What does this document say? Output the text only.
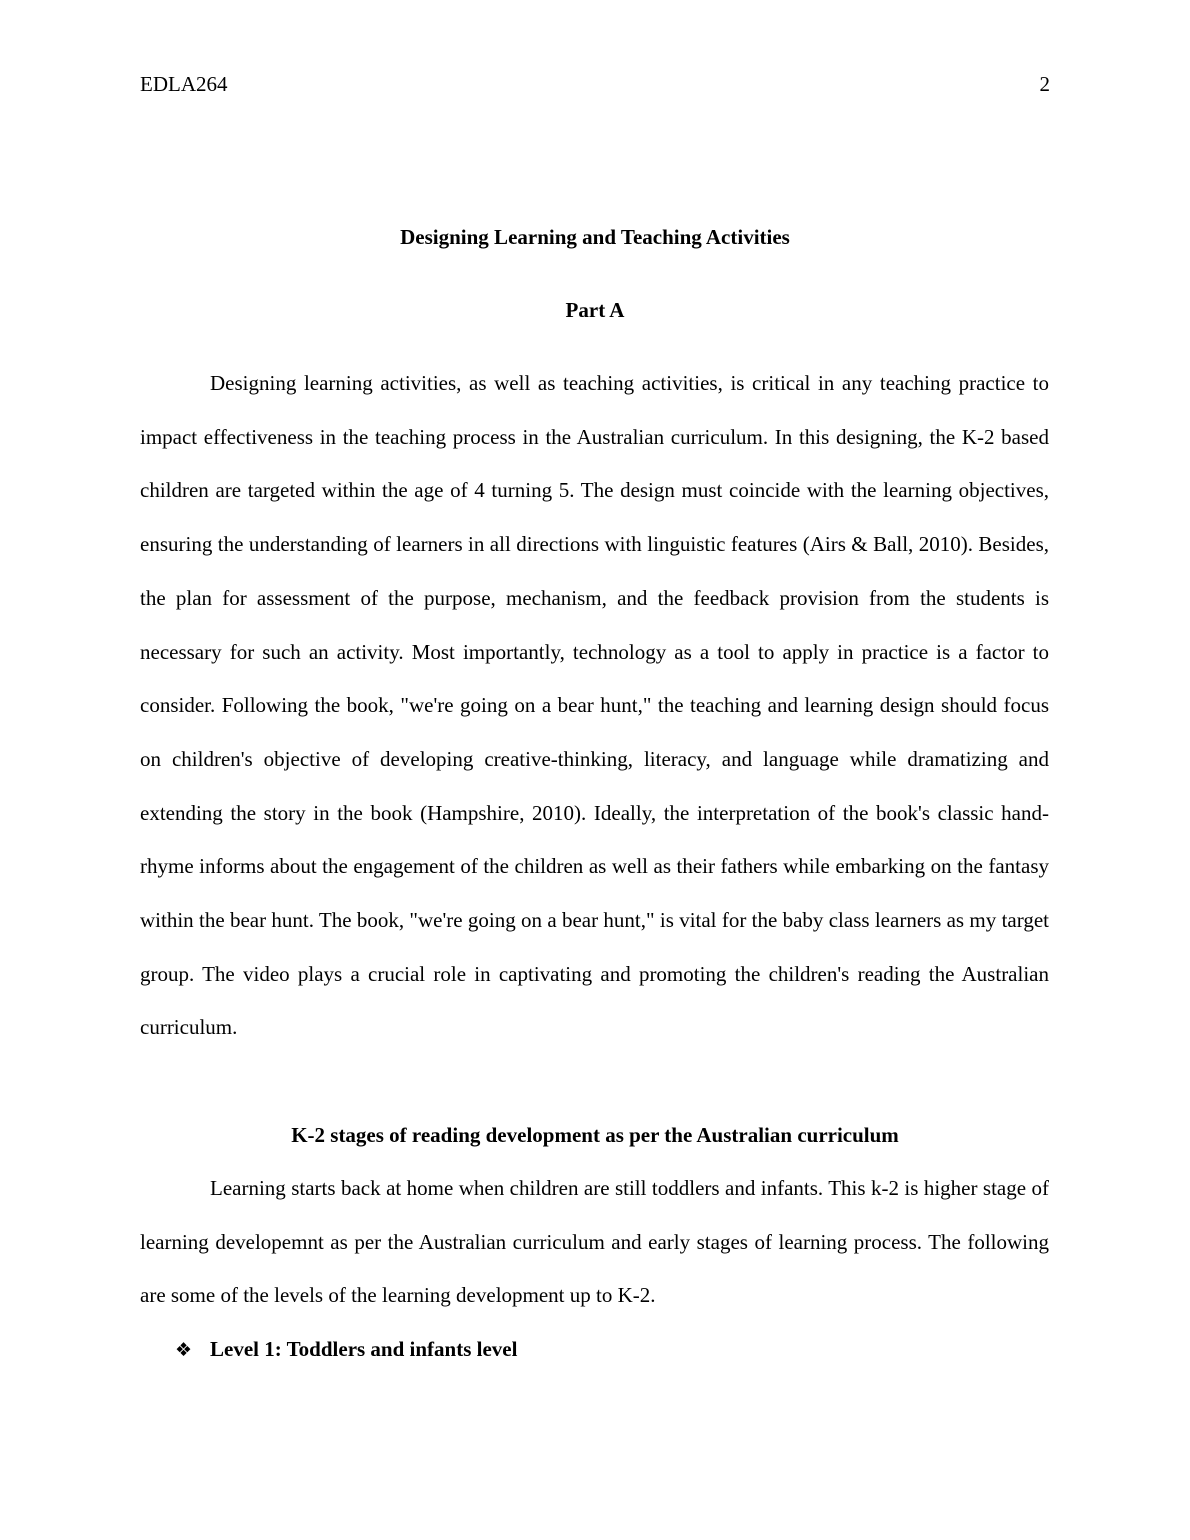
EDLA264	2
Designing Learning and Teaching Activities
Part A

Designing learning activities, as well as teaching activities, is critical in any teaching practice to impact effectiveness in the teaching process in the Australian curriculum. In this designing, the K-2 based children are targeted within the age of 4 turning 5. The design must coincide with the learning objectives, ensuring the understanding of learners in all directions with linguistic features (Airs & Ball, 2010). Besides, the plan for assessment of the purpose, mechanism, and the feedback provision from the students is necessary for such an activity. Most importantly, technology as a tool to apply in practice is a factor to consider. Following the book, "we're going on a bear hunt," the teaching and learning design should focus on children's objective of developing creative-thinking, literacy, and language while dramatizing and extending the story in the book (Hampshire, 2010). Ideally, the interpretation of the book's classic hand-rhyme informs about the engagement of the children as well as their fathers while embarking on the fantasy within the bear hunt. The book, "we're going on a bear hunt," is vital for the baby class learners as my target group. The video plays a crucial role in captivating and promoting the children's reading the Australian curriculum.

K-2 stages of reading development as per the Australian curriculum

Learning starts back at home when children are still toddlers and infants. This k-2 is higher stage of learning developemnt as per the Australian curriculum and early stages of learning process. The following are some of the levels of the learning development up to K-2.

❖ Level 1: Toddlers and infants level
